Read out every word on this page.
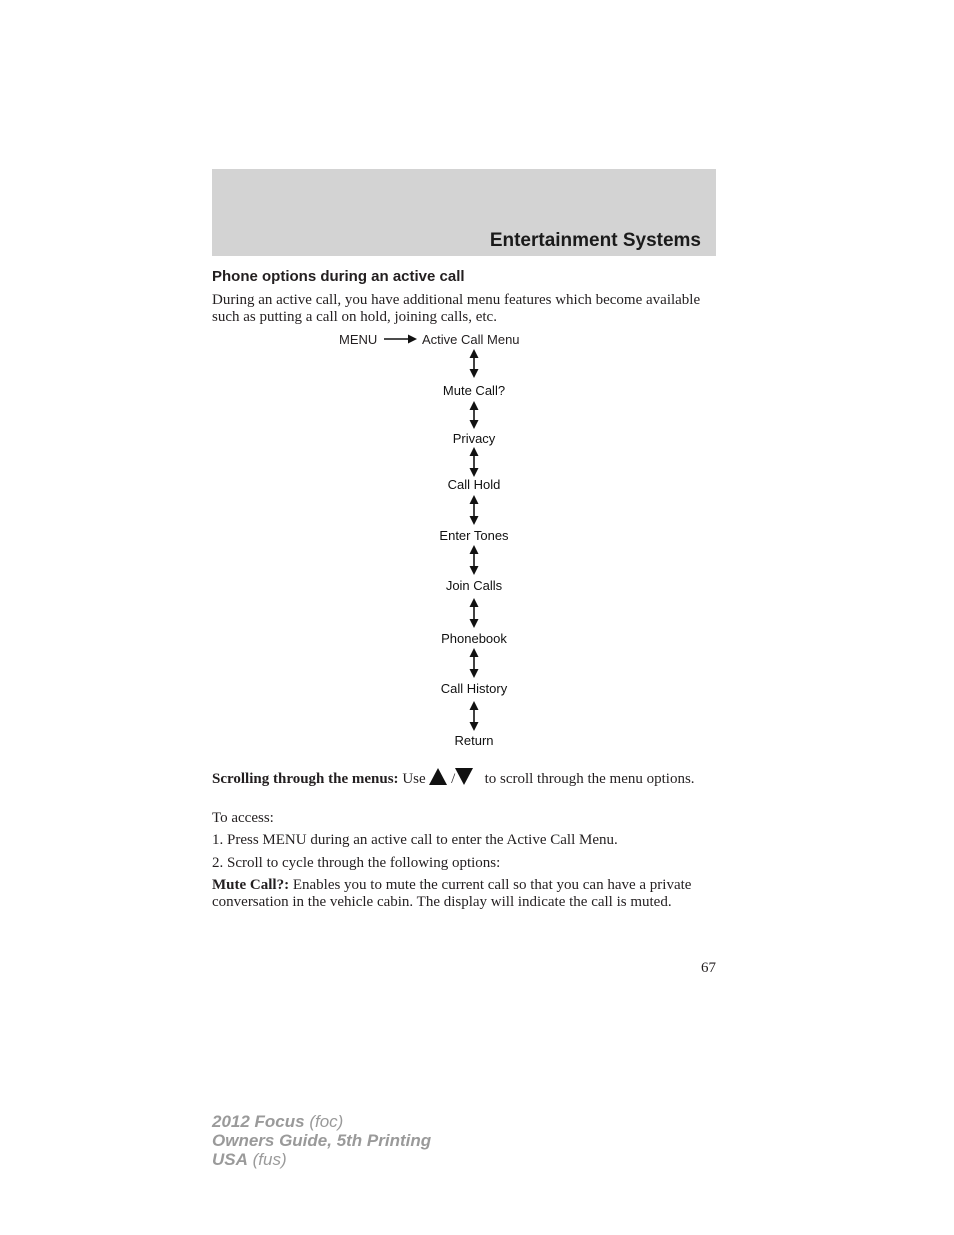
Entertainment Systems
Phone options during an active call
During an active call, you have additional menu features which become available such as putting a call on hold, joining calls, etc.
MENU	Active Call Menu
Mute Call?
Privacy
Call Hold
Enter Tones
Join Calls
Phonebook
Call History
Return
Scrolling through the menus: Use / to scroll through the menu options.
To access:
1. Press MENU during an active call to enter the Active Call Menu.
2. Scroll to cycle through the following options:
Mute Call?: Enables you to mute the current call so that you can have a private conversation in the vehicle cabin. The display will indicate the call is muted.
67
2012 Focus (foc)
Owners Guide, 5th Printing
USA (fus)
